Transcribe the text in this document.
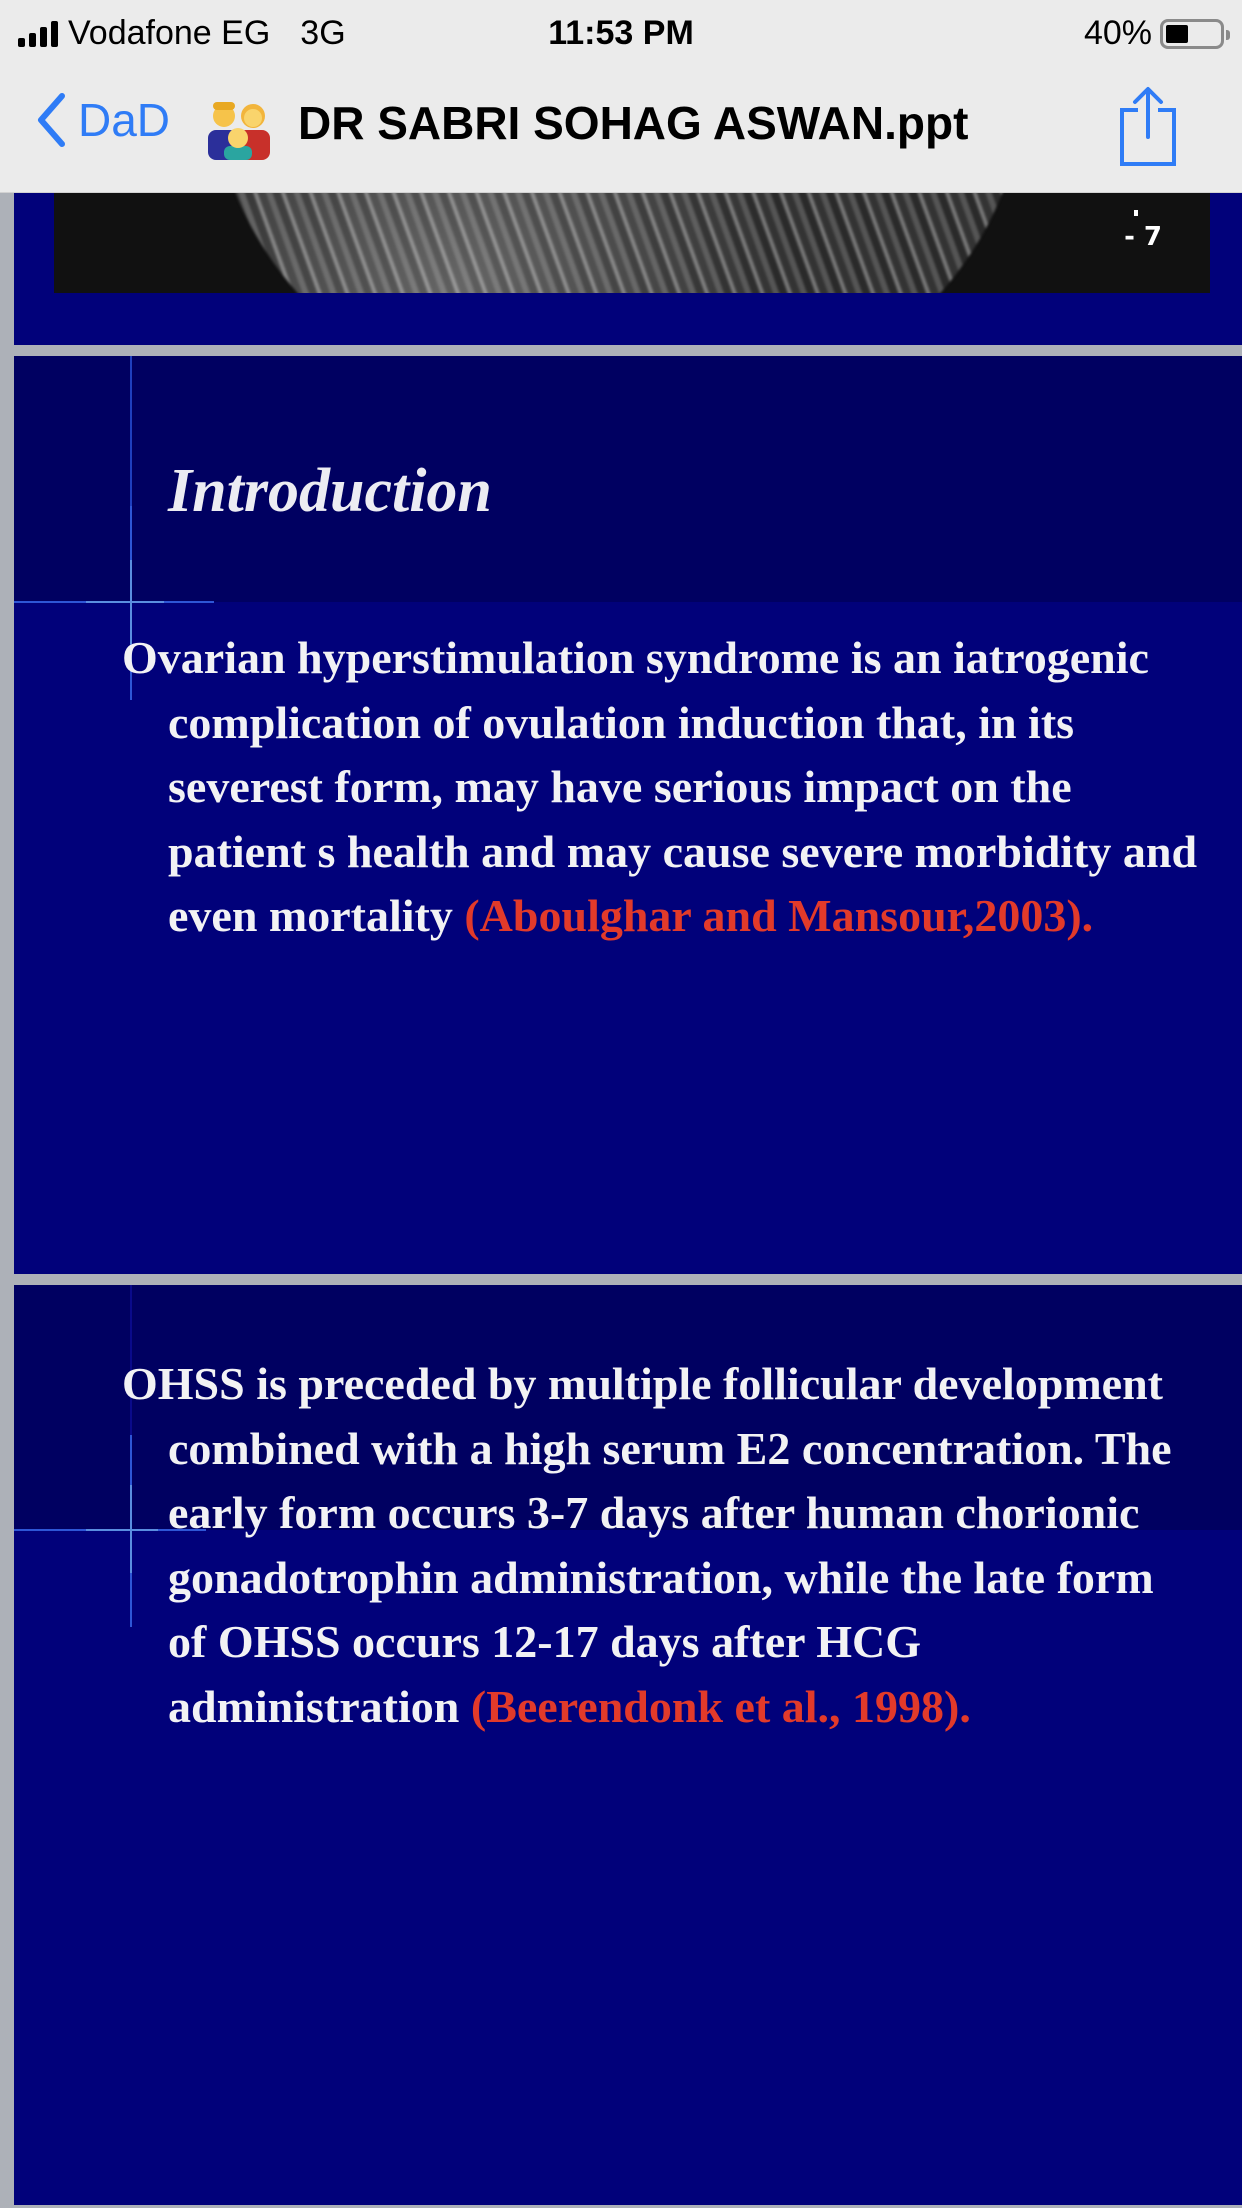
Vodafone EG 3G	11:53 PM	40%
DaD	DR SABRI SOHAG ASWAN.ppt
- 7
Introduction
Ovarian hyperstimulation syndrome is an iatrogenic complication of ovulation induction that, in its severest form, may have serious impact on the patient s health and may cause severe morbidity and even mortality (Aboulghar and Mansour,2003).
OHSS is preceded by multiple follicular development combined with a high serum E2 concentration. The early form occurs 3-7 days after human chorionic gonadotrophin administration, while the late form of OHSS occurs 12-17 days after HCG administration (Beerendonk et al., 1998).
